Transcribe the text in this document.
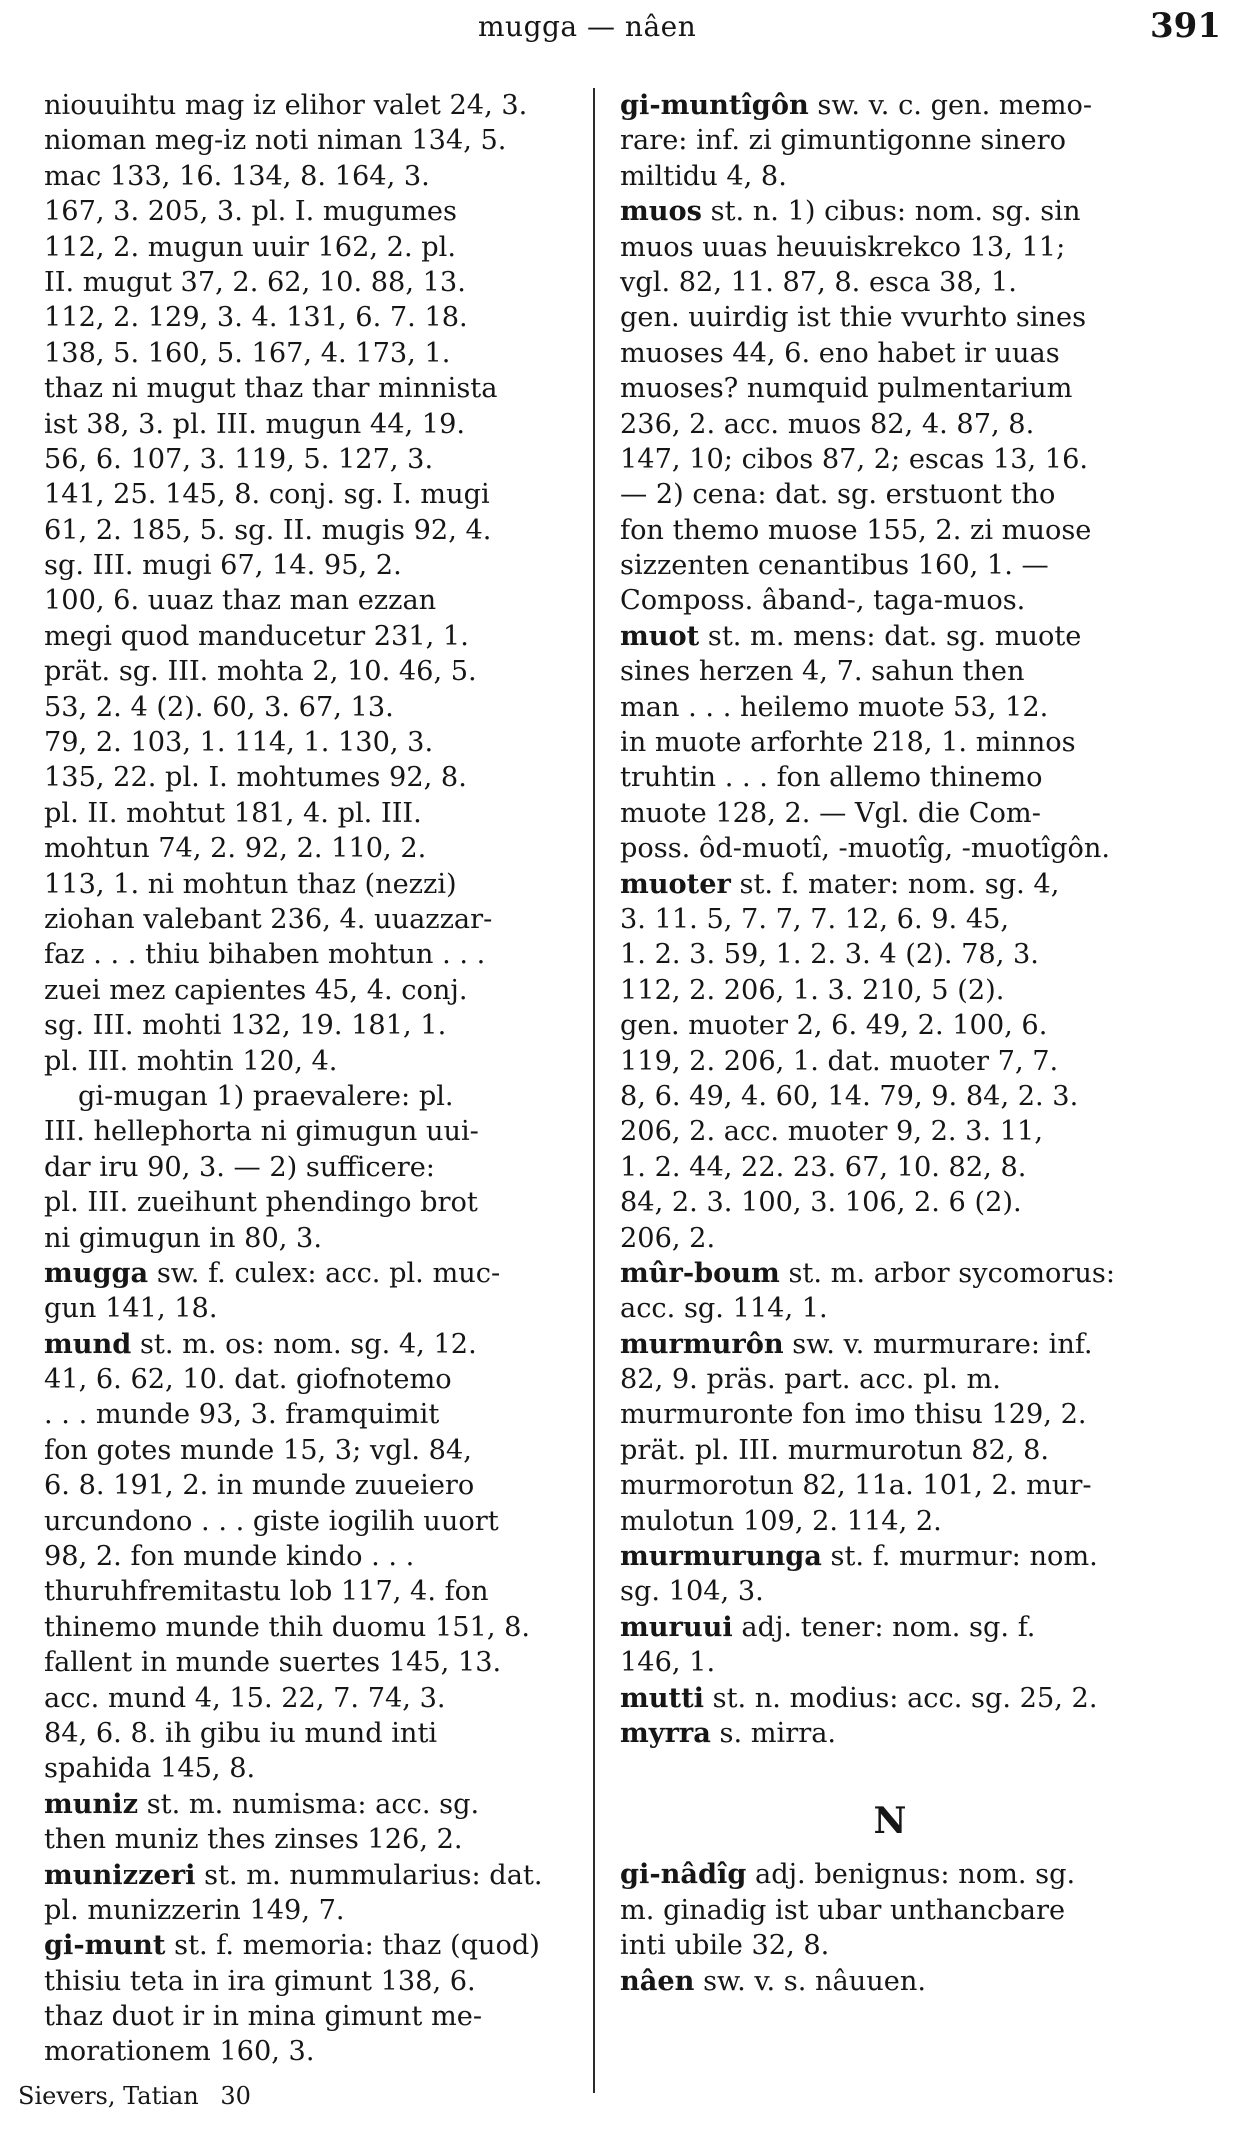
mugga — nâen	391
niouuihtu mag iz elihor valet 24, 3.
nioman meg-iz noti niman 134, 5.
mac 133, 16. 134, 8. 164, 3.
167, 3. 205, 3. pl. I. mugumes
112, 2. mugun uuir 162, 2. pl.
II. mugut 37, 2. 62, 10. 88, 13.
112, 2. 129, 3. 4. 131, 6. 7. 18.
138, 5. 160, 5. 167, 4. 173, 1.
thaz ni mugut thaz thar minnista
ist 38, 3. pl. III. mugun 44, 19.
56, 6. 107, 3. 119, 5. 127, 3.
141, 25. 145, 8. conj. sg. I. mugi
61, 2. 185, 5. sg. II. mugis 92, 4.
sg. III. mugi 67, 14. 95, 2.
100, 6. uuaz thaz man ezzan
megi quod manducetur 231, 1.
prät. sg. III. mohta 2, 10. 46, 5.
53, 2. 4 (2). 60, 3. 67, 13.
79, 2. 103, 1. 114, 1. 130, 3.
135, 22. pl. I. mohtumes 92, 8.
pl. II. mohtut 181, 4. pl. III.
mohtun 74, 2. 92, 2. 110, 2.
113, 1. ni mohtun thaz (nezzi)
ziohan valebant 236, 4. uuazzar-
faz . . . thiu bihaben mohtun . . .
zuei mez capientes 45, 4. conj.
sg. III. mohti 132, 19. 181, 1.
pl. III. mohtin 120, 4.
gi-mugan 1) praevalere: pl.
III. hellephorta ni gimugun uui-
dar iru 90, 3. — 2) sufficere:
pl. III. zueihunt phendingo brot
ni gimugun in 80, 3.
mugga sw. f. culex: acc. pl. muc-
gun 141, 18.
mund st. m. os: nom. sg. 4, 12.
41, 6. 62, 10. dat. giofnotemo
. . . munde 93, 3. framquimit
fon gotes munde 15, 3; vgl. 84,
6. 8. 191, 2. in munde zuueiero
urcundono . . . giste iogilih uuort
98, 2. fon munde kindo . . .
thuruhfremitastu lob 117, 4. fon
thinemo munde thih duomu 151, 8.
fallent in munde suertes 145, 13.
acc. mund 4, 15. 22, 7. 74, 3.
84, 6. 8. ih gibu iu mund inti
spahida 145, 8.
muniz st. m. numisma: acc. sg.
then muniz thes zinses 126, 2.
munizzeri st. m. nummularius: dat.
pl. munizzerin 149, 7.
gi-munt st. f. memoria: thaz (quod)
thisiu teta in ira gimunt 138, 6.
thaz duot ir in mina gimunt me-
morationem 160, 3.
gi-muntîgôn sw. v. c. gen. memo-
rare: inf. zi gimuntigonne sinero
miltidu 4, 8.
muos st. n. 1) cibus: nom. sg. sin
muos uuas heuuiskrekco 13, 11;
vgl. 82, 11. 87, 8. esca 38, 1.
gen. uuirdig ist thie vvurhto sines
muoses 44, 6. eno habet ir uuas
muoses? numquid pulmentarium
236, 2. acc. muos 82, 4. 87, 8.
147, 10; cibos 87, 2; escas 13, 16.
— 2) cena: dat. sg. erstuont tho
fon themo muose 155, 2. zi muose
sizzenten cenantibus 160, 1. —
Composs. âband-, taga-muos.
muot st. m. mens: dat. sg. muote
sines herzen 4, 7. sahun then
man . . . heilemo muote 53, 12.
in muote arforhte 218, 1. minnos
truhtin . . . fon allemo thinemo
muote 128, 2. — Vgl. die Com-
poss. ôd-muotî, -muotîg, -muotîgôn.
muoter st. f. mater: nom. sg. 4,
3. 11. 5, 7. 7, 7. 12, 6. 9. 45,
1. 2. 3. 59, 1. 2. 3. 4 (2). 78, 3.
112, 2. 206, 1. 3. 210, 5 (2).
gen. muoter 2, 6. 49, 2. 100, 6.
119, 2. 206, 1. dat. muoter 7, 7.
8, 6. 49, 4. 60, 14. 79, 9. 84, 2. 3.
206, 2. acc. muoter 9, 2. 3. 11,
1. 2. 44, 22. 23. 67, 10. 82, 8.
84, 2. 3. 100, 3. 106, 2. 6 (2).
206, 2.
mûr-boum st. m. arbor sycomorus:
acc. sg. 114, 1.
murmurôn sw. v. murmurare: inf.
82, 9. präs. part. acc. pl. m.
murmuronte fon imo thisu 129, 2.
prät. pl. III. murmurotun 82, 8.
murmorotun 82, 11a. 101, 2. mur-
mulotun 109, 2. 114, 2.
murmurunga st. f. murmur: nom.
sg. 104, 3.
muruui adj. tener: nom. sg. f.
146, 1.
mutti st. n. modius: acc. sg. 25, 2.
myrra s. mirra.
N
gi-nâdîg adj. benignus: nom. sg.
m. ginadig ist ubar unthancbare
inti ubile 32, 8.
nâen sw. v. s. nâuuen.
Sievers, Tatian 30
